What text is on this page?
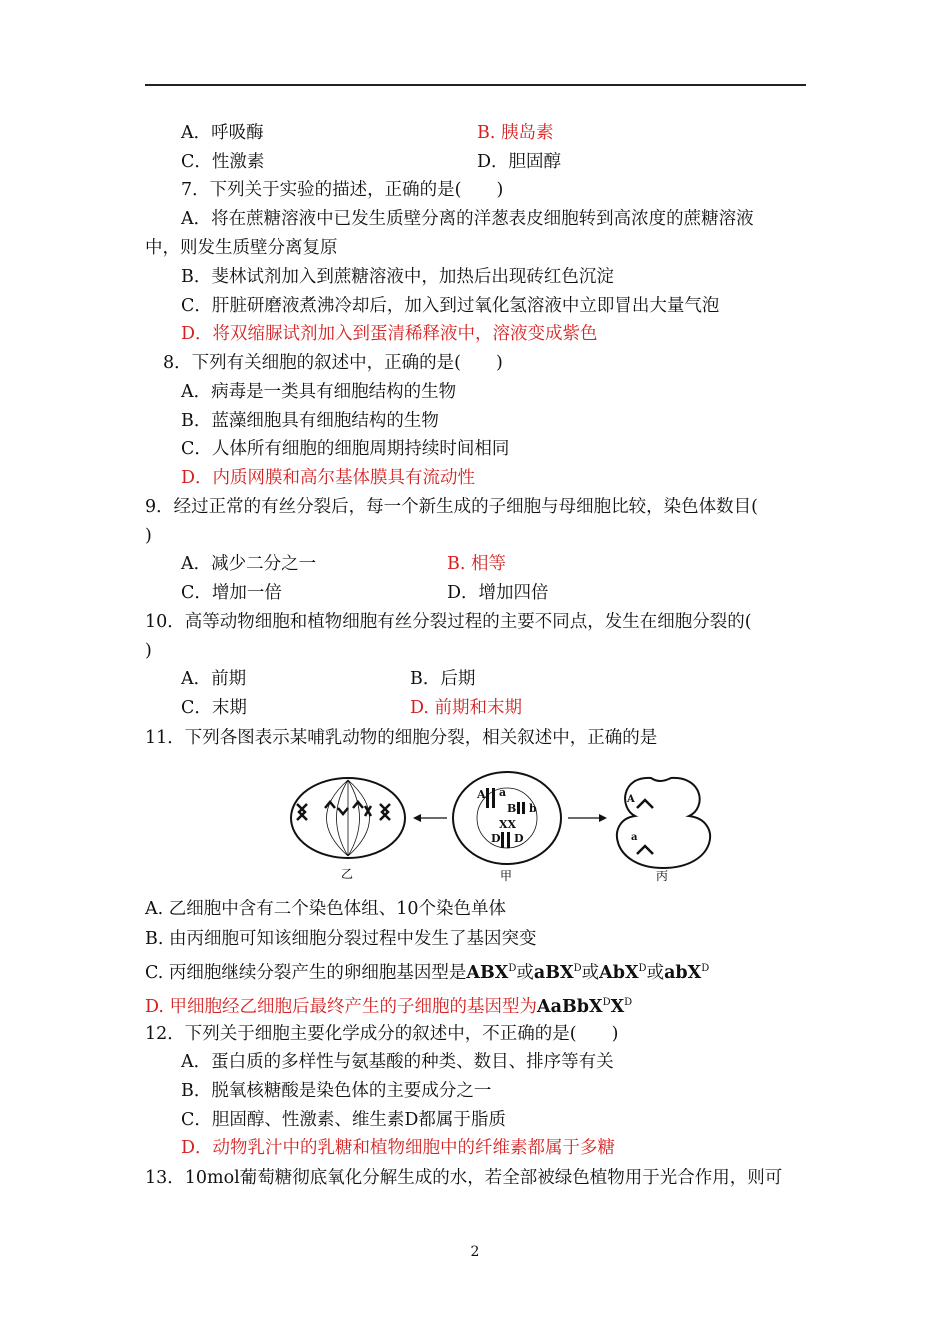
A．呼吸酶	B. 胰岛素
C．性激素	D．胆固醇
7．下列关于实验的描述，正确的是(　　)
A．将在蔗糖溶液中已发生质壁分离的洋葱表皮细胞转到高浓度的蔗糖溶液
中，则发生质壁分离复原
B．斐林试剂加入到蔗糖溶液中，加热后出现砖红色沉淀
C．肝脏研磨液煮沸冷却后，加入到过氧化氢溶液中立即冒出大量气泡
D．将双缩脲试剂加入到蛋清稀释液中，溶液变成紫色
8．下列有关细胞的叙述中，正确的是(　　)
A．病毒是一类具有细胞结构的生物
B．蓝藻细胞具有细胞结构的生物
C．人体所有细胞的细胞周期持续时间相同
D．内质网膜和高尔基体膜具有流动性
9．经过正常的有丝分裂后，每一个新生成的子细胞与母细胞比较，染色体数目(
)
A．减少二分之一	B. 相等
C．增加一倍	D．增加四倍
10．高等动物细胞和植物细胞有丝分裂过程的主要不同点，发生在细胞分裂的(
)
A．前期	B．后期
C．末期	D. 前期和末期
11．下列各图表示某哺乳动物的细胞分裂，相关叙述中，正确的是
乙
A a
B b
XX
D D
甲
A
a
丙
A. 乙细胞中含有二个染色体组、10个染色单体
B. 由丙细胞可知该细胞分裂过程中发生了基因突变
C. 丙细胞继续分裂产生的卵细胞基因型是$ABX^D$或aBX$^D$或AbX$^D$或abX$^D$
D. 甲细胞经乙细胞后最终产生的子细胞的基因型为$AaBbX^DX^D$
12．下列关于细胞主要化学成分的叙述中，不正确的是(　　)
A．蛋白质的多样性与氨基酸的种类、数目、排序等有关
B．脱氧核糖酸是染色体的主要成分之一
C．胆固醇、性激素、维生素D都属于脂质
D．动物乳汁中的乳糖和植物细胞中的纤维素都属于多糖
13．10mol葡萄糖彻底氧化分解生成的水，若全部被绿色植物用于光合作用，则可
2
